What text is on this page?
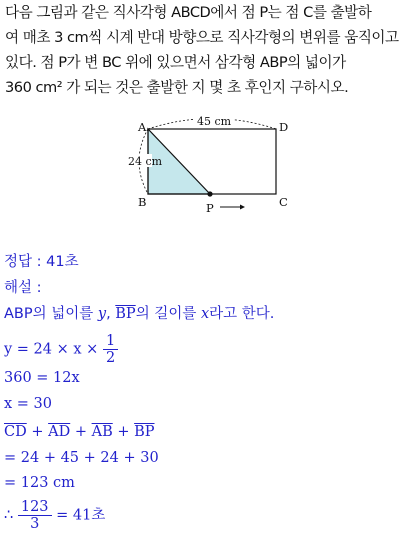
다음 그림과 같은 직사각형 ABCD에서 점 P는 점 C를 출발하
여 매초 3 cm씩 시계 반대 방향으로 직사각형의 변위를 움직이고
있다. 점 P가 변 BC 위에 있으면서 삼각형 ABP의 넓이가
360 cm² 가 되는 것은 출발한 지 몇 초 후인지 구하시오.
45 cm
24 cm
A	D
B	C
P
정답 : 41초
해설 :
ABP의 넓이를 y, $\overline{BP}$의 길이를 x라고 한다.
$y = 24 \times x \times \frac{1}{2}$
360 = 12x
x = 30
$\overline{CD} + \overline{AD} + \overline{AB} + \overline{BP}$
= 24 + 45 + 24 + 30
= 123 cm
∴ $\frac{123}{3} = 41$초
